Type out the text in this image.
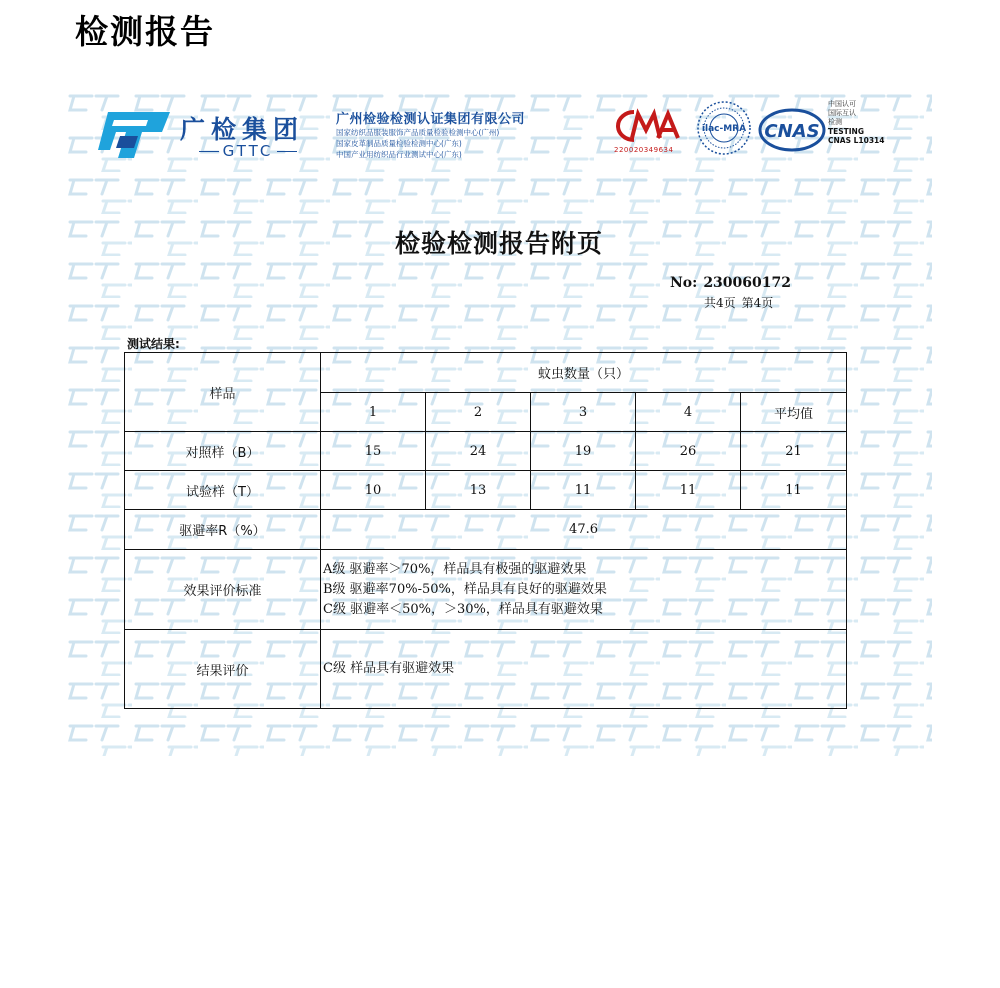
检测报告
广检集团
GTTC
广州检验检测认证集团有限公司
国家纺织品服装服饰产品质量检验检测中心(广州)
国家皮革制品质量检验检测中心(广东)
中国产业用纺织品行业测试中心(广东)	220020349634
ilac-MRA CNAS
中国认可
国际互认
检测
TESTING
CNAS L10314
检验检测报告附页
No: 230060172
共4页 第4页
测试结果:
样品	蚊虫数量（只）				
	1	2	3	4	平均值
对照样（B）	15	24	19	26	21
试验样（T）	10	13	11	11	11
驱避率R（%）	47.6				
效果评价标准	A级 驱避率＞70%，样品具有极强的驱避效果
B级 驱避率70%-50%，样品具有良好的驱避效果
C级 驱避率＜50%，＞30%，样品具有驱避效果				

结果评价	C级 样品具有驱避效果				
